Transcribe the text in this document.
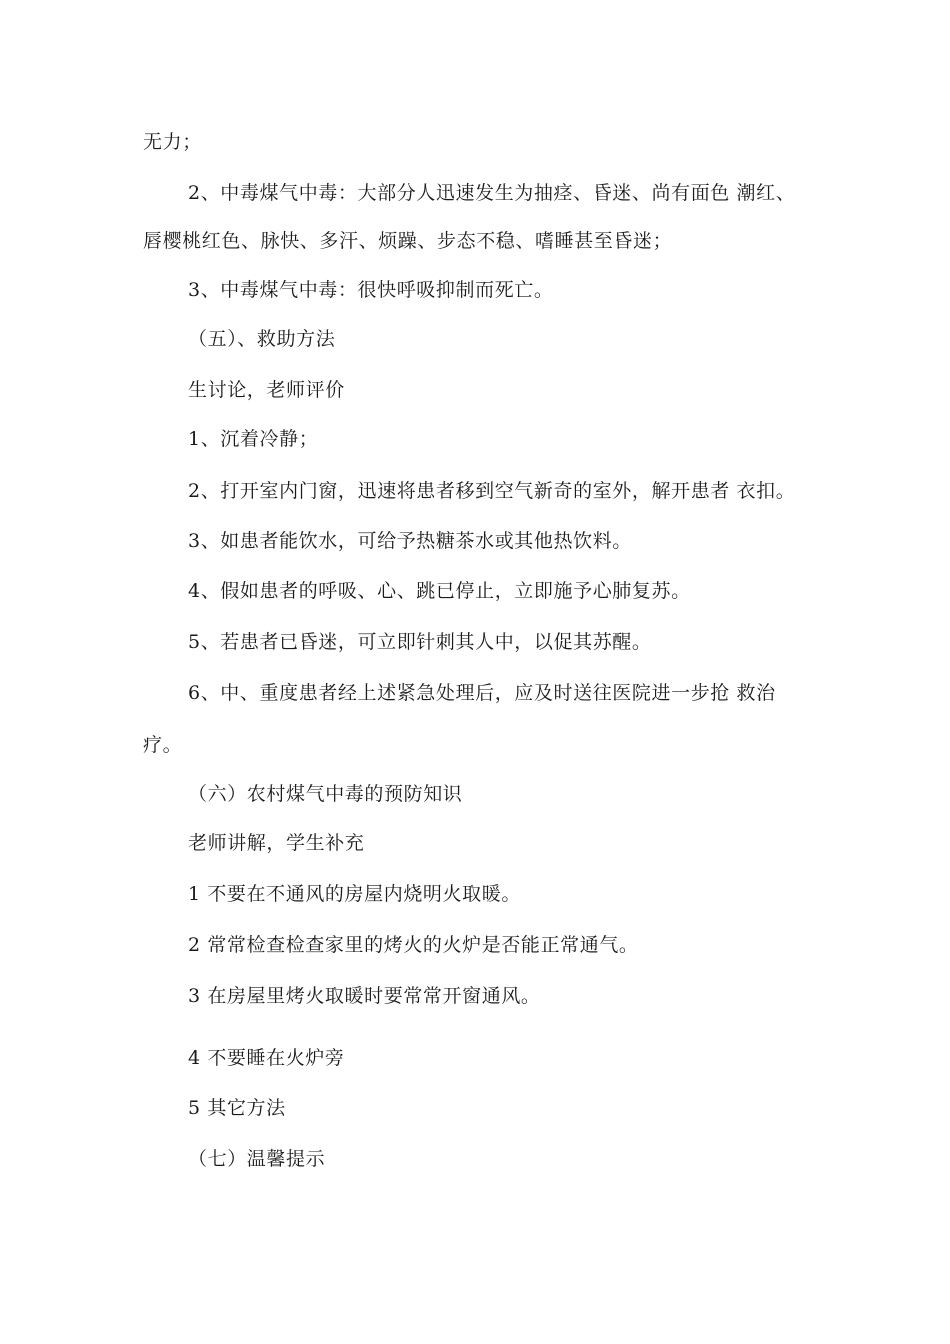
无力；
2、中毒煤气中毒：大部分人迅速发生为抽痉、昏迷、尚有面色 潮红、
唇樱桃红色、脉快、多汗、烦躁、步态不稳、嗜睡甚至昏迷；
3、中毒煤气中毒：很快呼吸抑制而死亡。
（五）、救助方法
生讨论，老师评价
1、沉着冷静；
2、打开室内门窗，迅速将患者移到空气新奇的室外，解开患者 衣扣。
3、如患者能饮水，可给予热糖茶水或其他热饮料。
4、假如患者的呼吸、心、跳已停止，立即施予心肺复苏。
5、若患者已昏迷，可立即针刺其人中，以促其苏醒。
6、中、重度患者经上述紧急处理后，应及时送往医院进一步抢 救治
疗。
（六）农村煤气中毒的预防知识
老师讲解，学生补充
1 不要在不通风的房屋内烧明火取暖。
2 常常检查检查家里的烤火的火炉是否能正常通气。
3 在房屋里烤火取暖时要常常开窗通风。
4 不要睡在火炉旁
5 其它方法
（七）温馨提示
